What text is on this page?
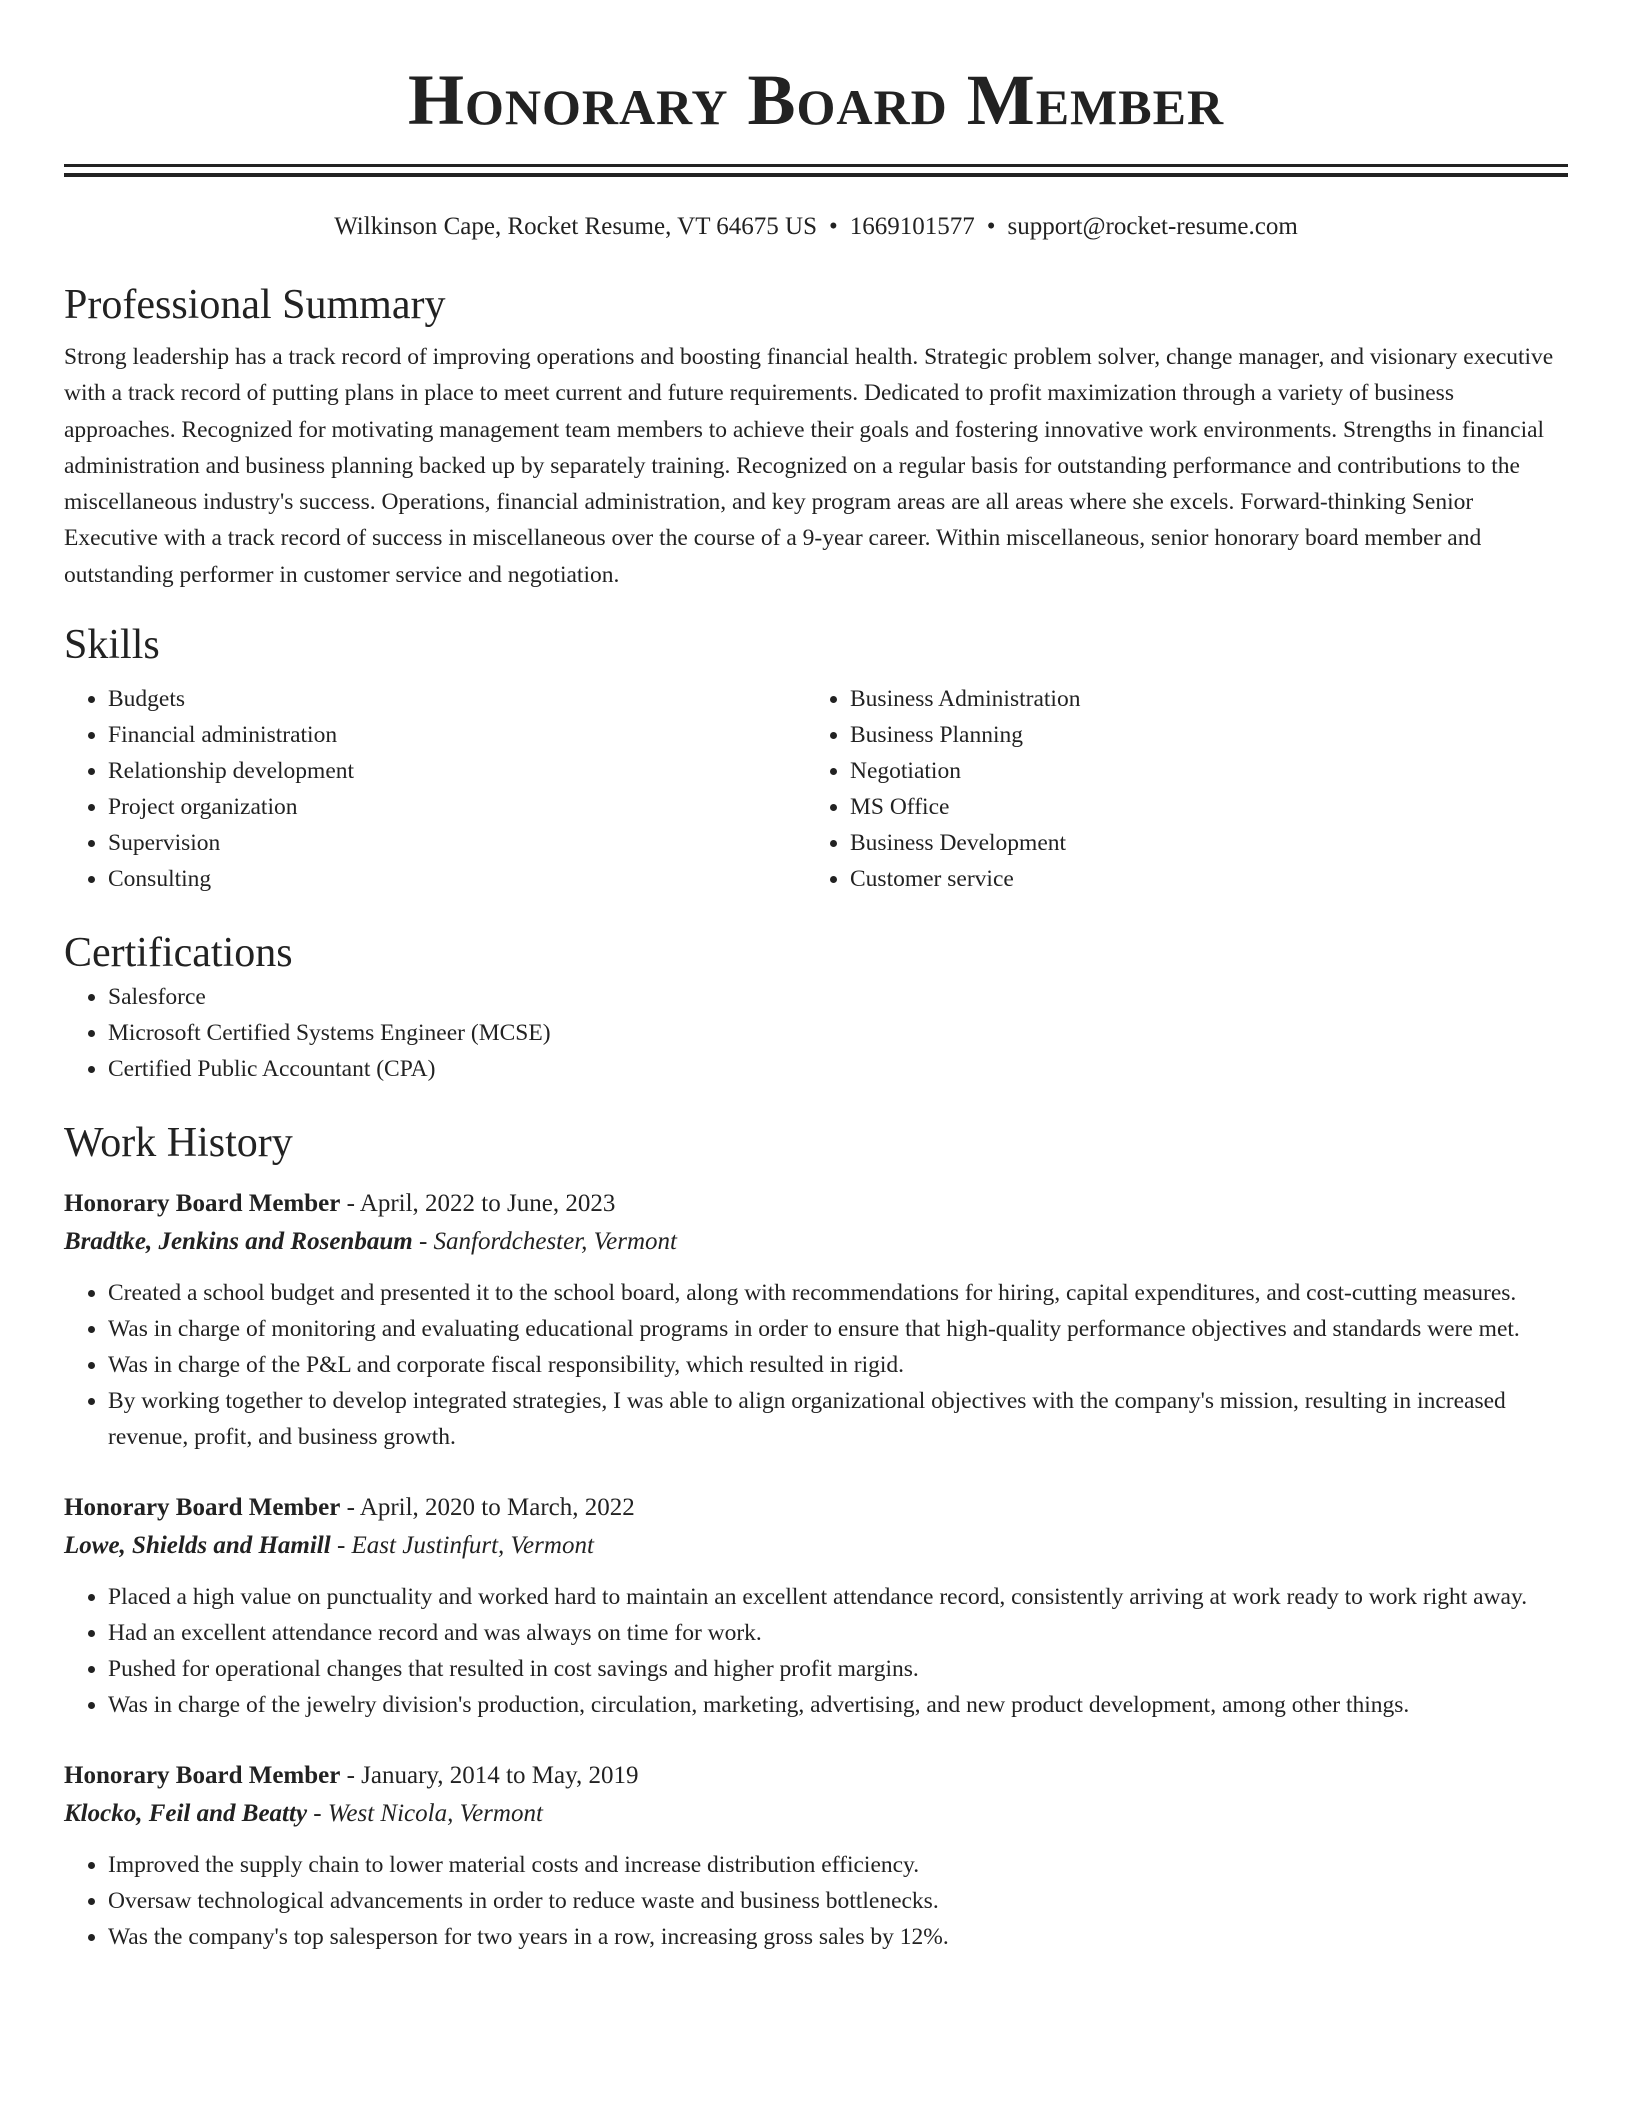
Honorary Board Member
Wilkinson Cape, Rocket Resume, VT 64675 US • 1669101577 • support@rocket-resume.com
Professional Summary

Strong leadership has a track record of improving operations and boosting financial health. Strategic problem solver, change manager, and visionary executive with a track record of putting plans in place to meet current and future requirements. Dedicated to profit maximization through a variety of business approaches. Recognized for motivating management team members to achieve their goals and fostering innovative work environments. Strengths in financial administration and business planning backed up by separately training. Recognized on a regular basis for outstanding performance and contributions to the miscellaneous industry's success. Operations, financial administration, and key program areas are all areas where she excels. Forward-thinking Senior Executive with a track record of success in miscellaneous over the course of a 9-year career. Within miscellaneous, senior honorary board member and outstanding performer in customer service and negotiation.

Skills
• Budgets
• Financial administration
• Relationship development
• Project organization
• Supervision
• Consulting
• Business Administration
• Business Planning
• Negotiation
• MS Office
• Business Development
• Customer service
Certifications
• Salesforce
• Microsoft Certified Systems Engineer (MCSE)
• Certified Public Accountant (CPA)
Work History
Honorary Board Member - April, 2022 to June, 2023
Bradtke, Jenkins and Rosenbaum - Sanfordchester, Vermont
• Created a school budget and presented it to the school board, along with recommendations for hiring, capital expenditures, and cost-cutting measures.
• Was in charge of monitoring and evaluating educational programs in order to ensure that high-quality performance objectives and standards were met.
• Was in charge of the P&L and corporate fiscal responsibility, which resulted in rigid.
• By working together to develop integrated strategies, I was able to align organizational objectives with the company's mission, resulting in increased revenue, profit, and business growth.
Honorary Board Member - April, 2020 to March, 2022
Lowe, Shields and Hamill - East Justinfurt, Vermont
• Placed a high value on punctuality and worked hard to maintain an excellent attendance record, consistently arriving at work ready to work right away.
• Had an excellent attendance record and was always on time for work.
• Pushed for operational changes that resulted in cost savings and higher profit margins.
• Was in charge of the jewelry division's production, circulation, marketing, advertising, and new product development, among other things.
Honorary Board Member - January, 2014 to May, 2019
Klocko, Feil and Beatty - West Nicola, Vermont
• Improved the supply chain to lower material costs and increase distribution efficiency.
• Oversaw technological advancements in order to reduce waste and business bottlenecks.
• Was the company's top salesperson for two years in a row, increasing gross sales by 12%.
